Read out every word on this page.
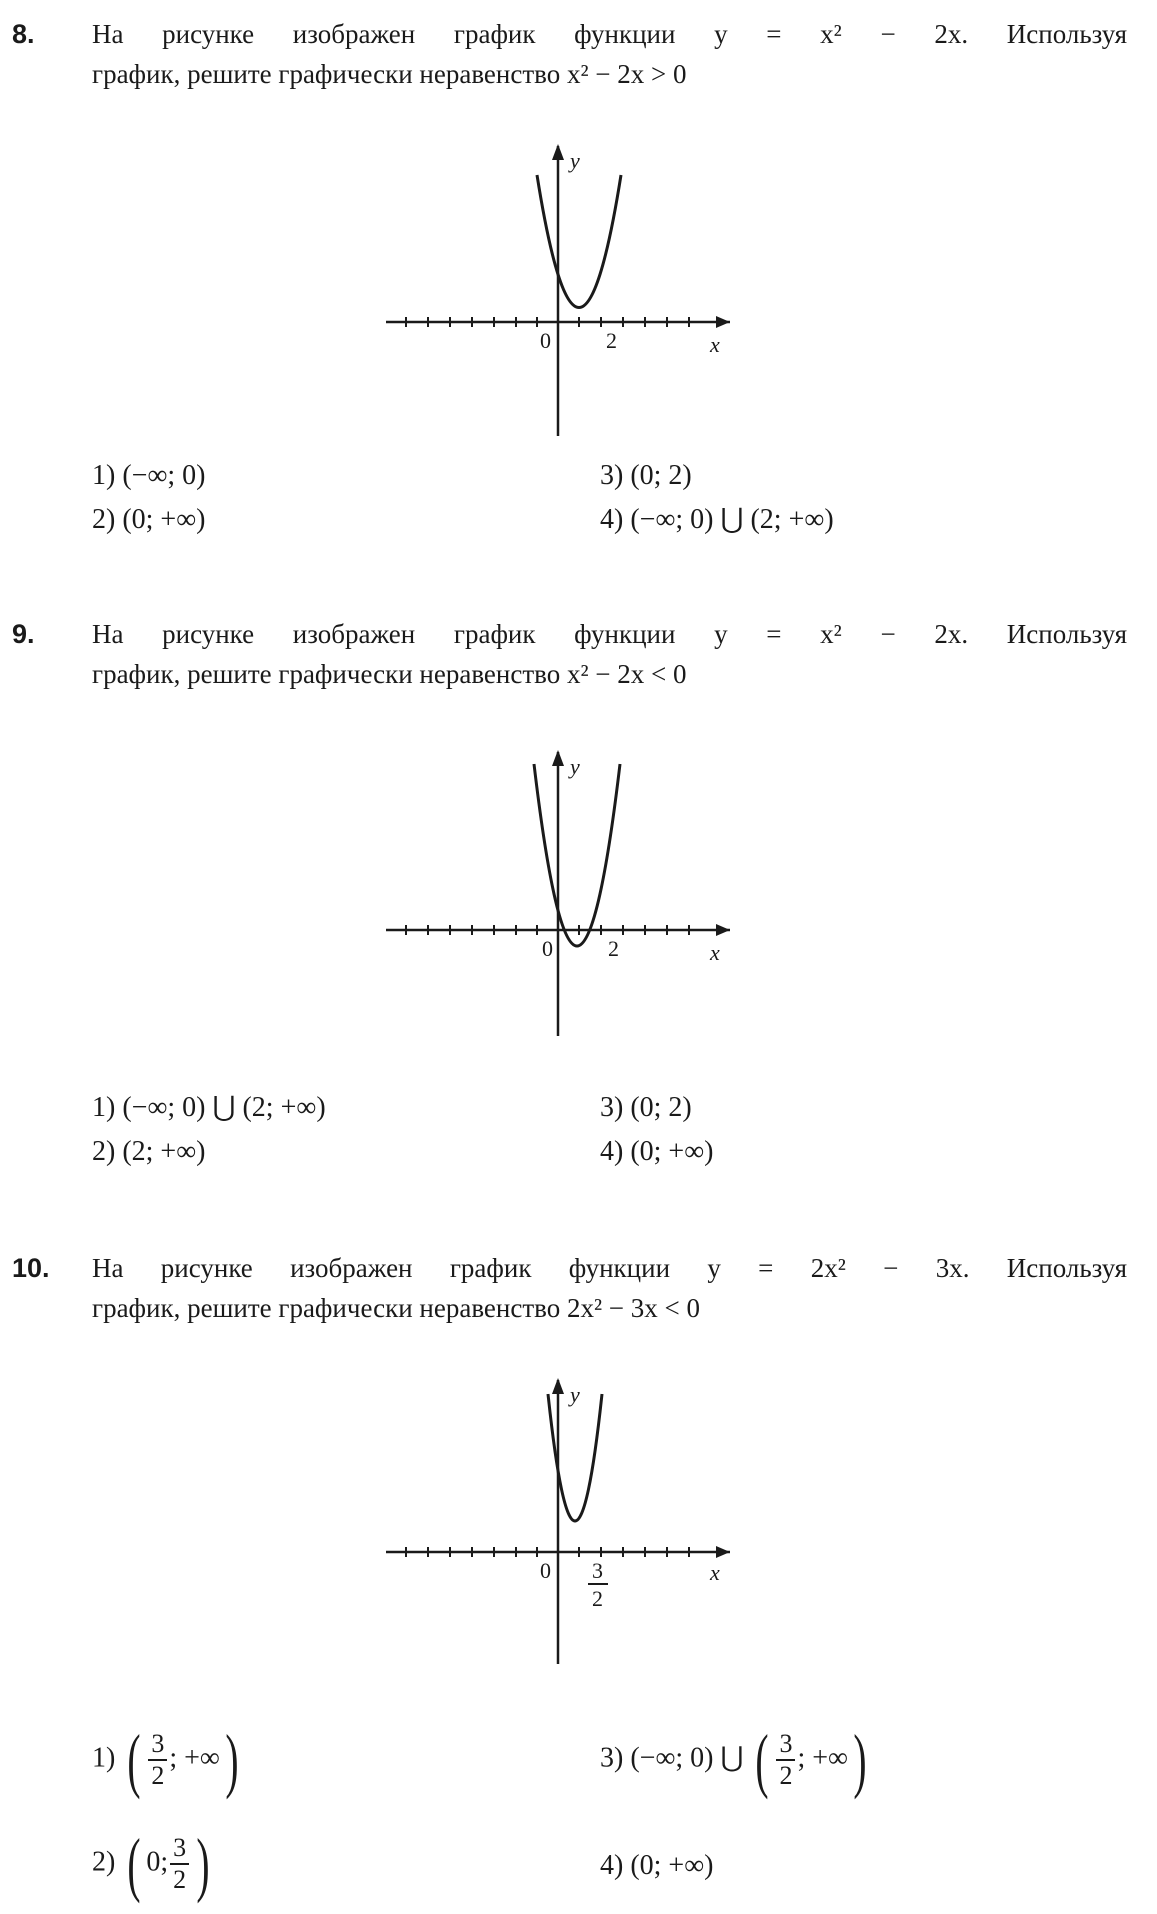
8. На рисунке изображен график функции y = x² − 2x. Используя
график, решите графически неравенство x² − 2x > 0
y
x
0	2
1) (−∞; 0)
2) (0; +∞)
3) (0; 2)
4) (−∞; 0) ⋃ (2; +∞)
9. На рисунке изображен график функции y = x² − 2x. Используя
график, решите графически неравенство x² − 2x < 0
y
x
0	2
1) (−∞; 0) ⋃ (2; +∞)
2) (2; +∞)
3) (0; 2)
4) (0; +∞)
10. На рисунке изображен график функции y = 2x² − 3x. Используя
график, решите графически неравенство 2x² − 3x < 0
y
x
0 3
2
1) ( $\frac{3}{2}$ ; +∞)
2) ( 0; $\frac{3}{2}$ )
3) (−∞; 0) ⋃ ( $\frac{3}{2}$ ; +∞)
4) (0; +∞)
